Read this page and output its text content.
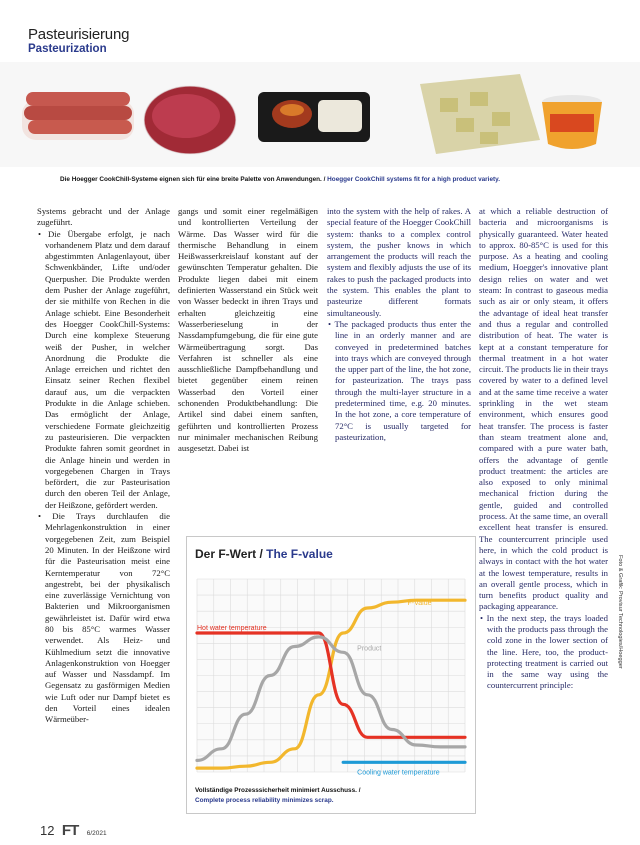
Pasteurisierung
Pasteurization
Die Hoegger CookChill-Systeme eignen sich für eine breite Palette von Anwendungen. / Hoegger CookChill systems fit for a high product variety.

Systems gebracht und der Anlage zugeführt.

• Die Übergabe erfolgt, je nach vorhandenem Platz und dem darauf abgestimmten Anlagenlayout, über Schwenkbänder, Lifte und/oder Querpusher. Die Produkte werden dem Pusher der Anlage zugeführt, der sie mithilfe von Rechen in die Anlage schiebt. Eine Besonderheit des Hoegger CookChill-Systems: Durch eine komplexe Steuerung weiß der Pusher, in welcher Anordnung die Produkte die Anlage erreichen und richtet den Einsatz seiner Rechen flexibel darauf aus, um die verpackten Produkte in die Anlage schieben. Das ermöglicht der Anlage, verschiedene Formate gleichzeitig zu pasteurisieren. Die verpackten Produkte fahren somit geordnet in die Anlage hinein und werden in vorgegebenen Chargen in Trays befördert, die zur Pasteurisation durch den oberen Teil der Anlage, der Heißzone, gefördert werden.

• Die Trays durchlaufen die Mehrlagenkonstruktion in einer vorgegebenen Zeit, zum Beispiel 20 Minuten. In der Heißzone wird für die Pasteurisation meist eine Kerntemperatur von 72°C angestrebt, bei der physikalisch eine zuverlässige Vernichtung von Bakterien und Mikroorganismen gewährleistet ist. Dafür wird etwa 80 bis 85°C warmes Wasser verwendet. Als Heiz- und Kühlmedium setzt die innovative Anlagenkonstruktion von Hoegger auf Wasser und Nassdampf. Im Gegensatz zu gasförmigen Medien wie Luft oder nur Dampf bietet es den Vorteil eines idealen Wärmeüber-

gangs und somit einer regelmäßigen und kontrollierten Verteilung der Wärme. Das Wasser wird für die thermische Behandlung in einem Heißwasserkreislauf konstant auf der gewünschten Temperatur gehalten. Die Produkte liegen dabei mit einem definierten Wasserstand ein Stück weit von Wasser bedeckt in ihren Trays und erhalten gleichzeitig eine Wasserberieselung in der Nassdampfumgebung, die für eine gute Wärmeübertragung sorgt. Das Verfahren ist schneller als eine ausschließliche Dampfbehandlung und bietet gegenüber einem reinen Wasserbad den Vorteil einer schonenden Produktbehandlung: Die Artikel sind dabei einem sanften, geführten und kontrollierten Prozess nur minimaler mechanischen Reibung ausgesetzt. Dabei ist

into the system with the help of rakes. A special feature of the Hoegger CookChill system: thanks to a complex control system, the pusher knows in which arrangement the products will reach the system and flexibly adjusts the use of its rakes to push the packaged products into the system. This enables the plant to pasteurize different formats simultaneously.

• The packaged products thus enter the line in an orderly manner and are conveyed in predetermined batches into trays which are conveyed through the upper part of the line, the hot zone, for pasteurization. The trays pass through the multi-layer structure in a predetermined time, e.g. 20 minutes. In the hot zone, a core temperature of 72°C is usually targeted for pasteurization,

at which a reliable destruction of bacteria and microorganisms is physically guaranteed. Water heated to approx. 80-85°C is used for this purpose. As a heating and cooling medium, Hoegger's innovative plant design relies on water and wet steam: In contrast to gaseous media such as air or only steam, it offers the advantage of ideal heat transfer and thus a regular and controlled distribution of heat. The water is kept at a constant temperature for thermal treatment in a hot water circuit. The products lie in their trays covered by water to a defined level and at the same time receive a water sprinkling in the wet steam environment, which ensures good heat transfer. The process is faster than steam treatment alone and, compared with a pure water bath, offers the advantage of gentle product treatment: the articles are also exposed to only minimal mechanical friction during the gentle, guided and controlled process. At the same time, an overall excellent heat transfer is ensured. The countercurrent principle used here, in which the cold product is always in contact with the hot water at the lowest temperature, results in an overall gentle process, which in turn benefits product quality and packaging appearance.

• In the next step, the trays loaded with the products pass through the cold zone in the lower section of the line. Here, too, the product-protecting treatment is carried out in the same way using the countercurrent principle:

Foto & Grafik: Provisur Technologies/Hoegger
Der F-Wert / The F-value
F-Value
Hot water temperature
Product
Cooling water temperature
Vollständige Prozesssicherheit minimiert Ausschuss. /
Complete process reliability minimizes scrap.
12 FT 6/2021
